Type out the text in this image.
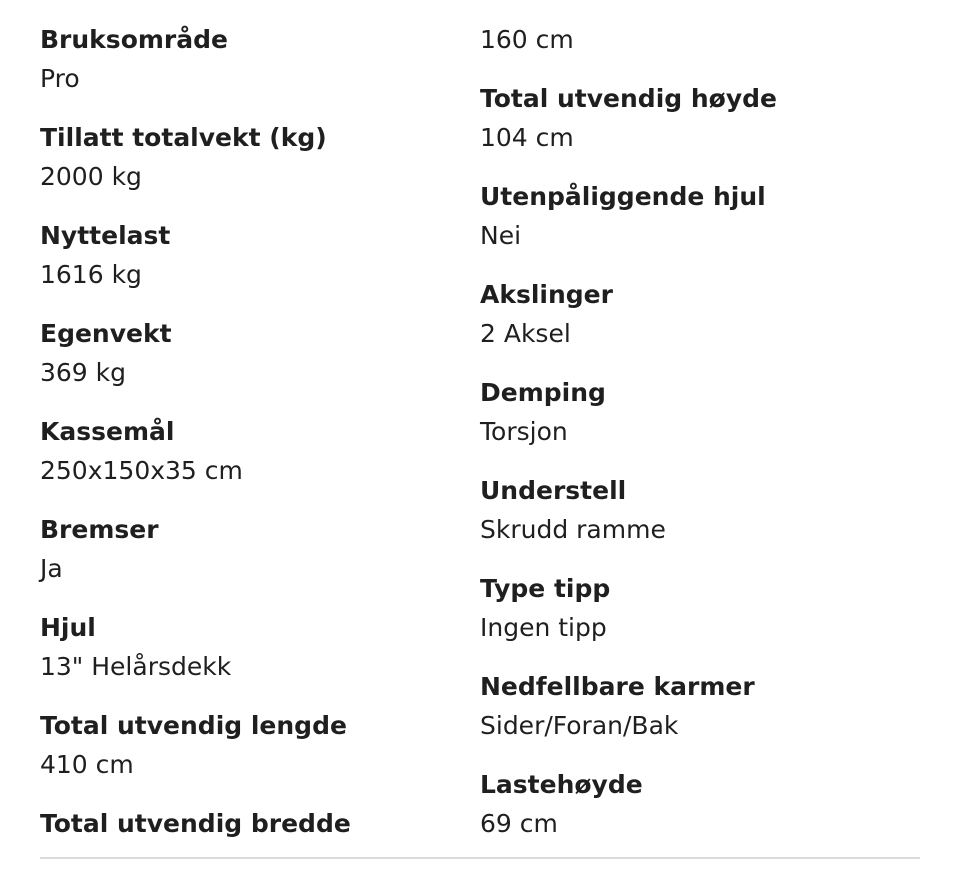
Bruksområde
Pro
Tillatt totalvekt (kg)
2000 kg
Nyttelast
1616 kg
Egenvekt
369 kg
Kassemål
250x150x35 cm
Bremser
Ja
Hjul
13" Helårsdekk
Total utvendig lengde
410 cm
Total utvendig bredde
160 cm
Total utvendig høyde
104 cm
Utenpåliggende hjul
Nei
Akslinger
2 Aksel
Demping
Torsjon
Understell
Skrudd ramme
Type tipp
Ingen tipp
Nedfellbare karmer
Sider/Foran/Bak
Lastehøyde
69 cm
